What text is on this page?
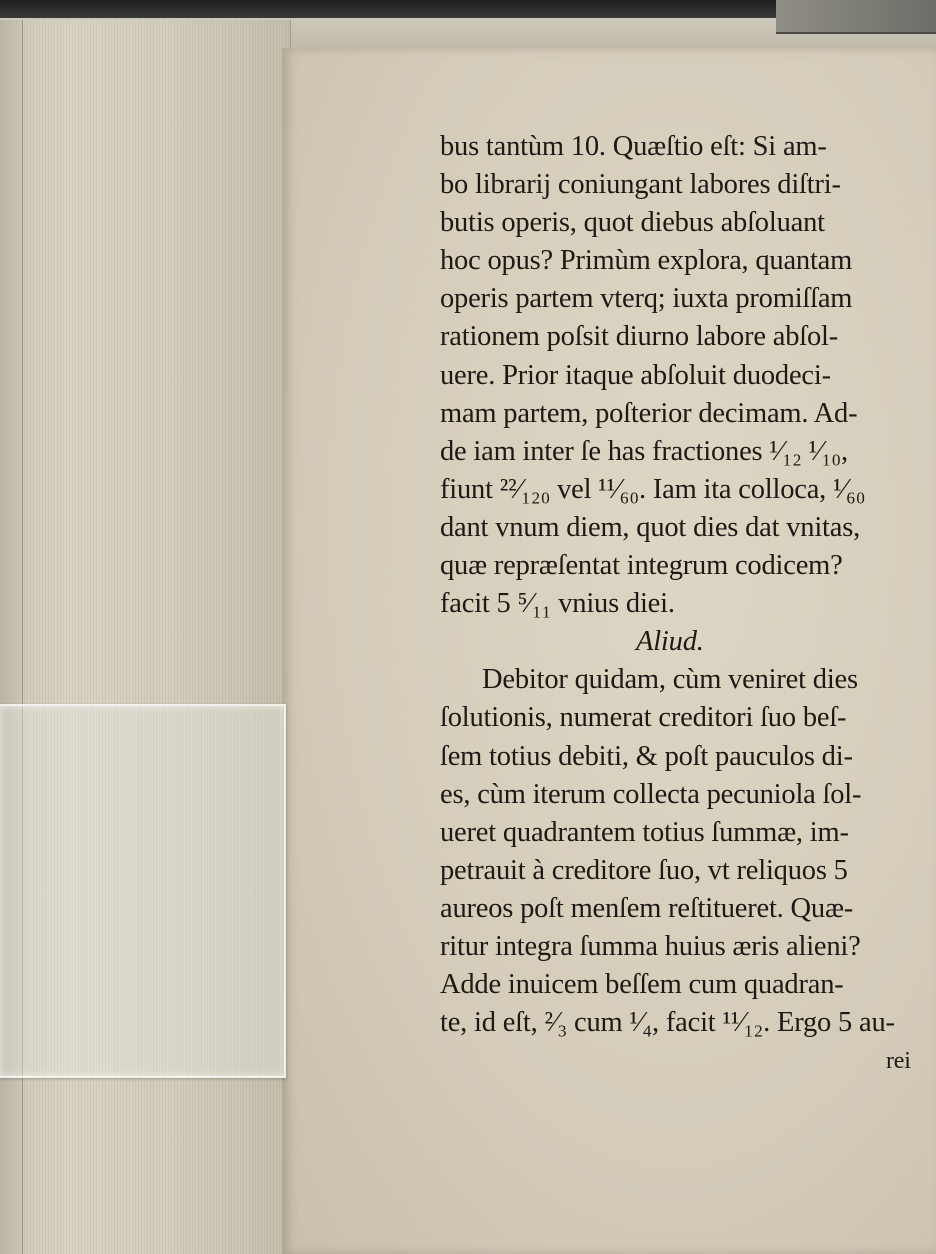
bus tantùm 10. Quæſtio eſt: Si am-
bo librarij coniungant labores diſtri-
butis operis, quot diebus abſoluant
hoc opus? Primùm explora, quantam
operis partem vterq; iuxta promiſſam
rationem poſsit diurno labore abſol-
uere. Prior itaque abſoluit duodeci-
mam partem, poſterior decimam. Ad-
de iam inter ſe has fractiones ¹⁄₁₂ ¹⁄₁₀,
fiunt ²²⁄₁₂₀ vel ¹¹⁄₆₀. Iam ita colloca, ¹⁄₆₀
dant vnum diem, quot dies dat vnitas,
quæ repræſentat integrum codicem?
facit 5 ⁵⁄₁₁ vnius diei.
Aliud.
Debitor quidam, cùm veniret dies
ſolutionis, numerat creditori ſuo beſ-
ſem totius debiti, & poſt pauculos di-
es, cùm iterum collecta pecuniola ſol-
ueret quadrantem totius ſummæ, im-
petrauit à creditore ſuo, vt reliquos 5
aureos poſt menſem reſtitueret. Quæ-
ritur integra ſumma huius æris alieni?
Adde inuicem beſſem cum quadran-
te, id eſt, ²⁄₃ cum ¹⁄₄, facit ¹¹⁄₁₂. Ergo 5 au-
rei
